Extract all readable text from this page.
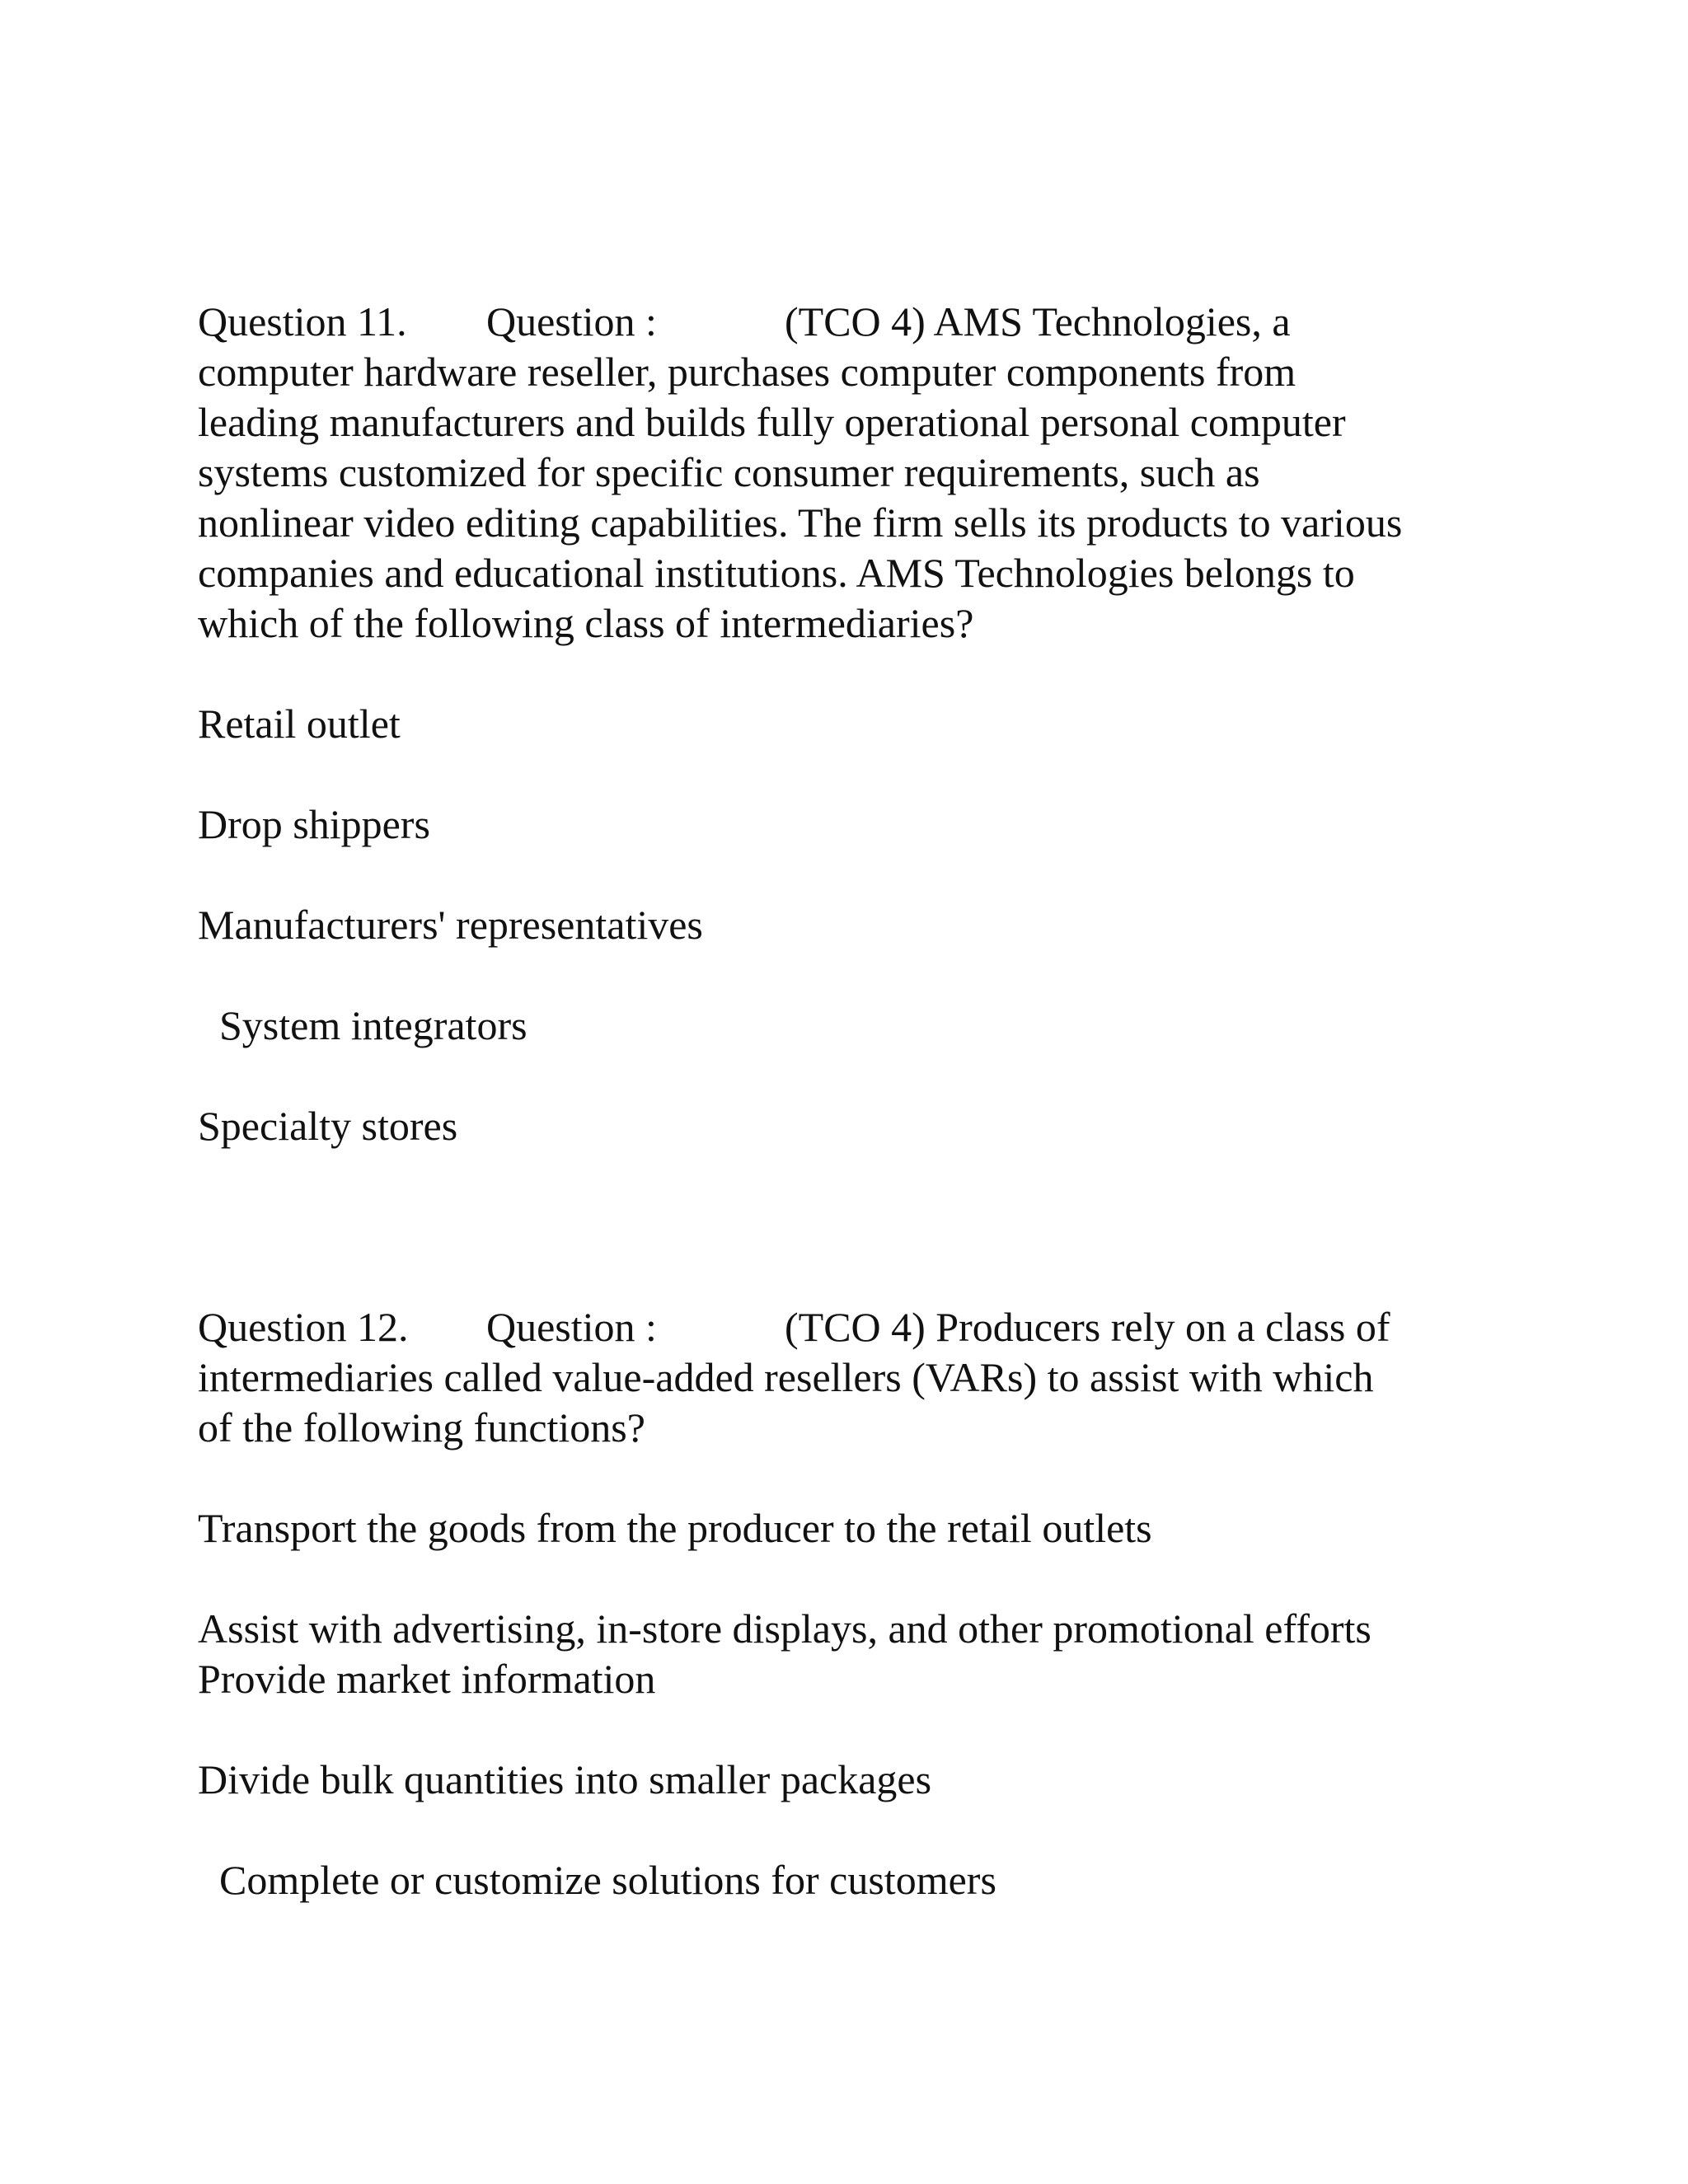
Question 11.	Question :	(TCO 4) AMS Technologies, a
computer hardware reseller, purchases computer components from
leading manufacturers and builds fully operational personal computer
systems customized for specific consumer requirements, such as
nonlinear video editing capabilities. The firm sells its products to various
companies and educational institutions. AMS Technologies belongs to
which of the following class of intermediaries?
Retail outlet
Drop shippers
Manufacturers' representatives
System integrators
Specialty stores
Question 12.	Question :	(TCO 4) Producers rely on a class of
intermediaries called value-added resellers (VARs) to assist with which
of the following functions?
Transport the goods from the producer to the retail outlets
Assist with advertising, in-store displays, and other promotional efforts
Provide market information
Divide bulk quantities into smaller packages
Complete or customize solutions for customers
